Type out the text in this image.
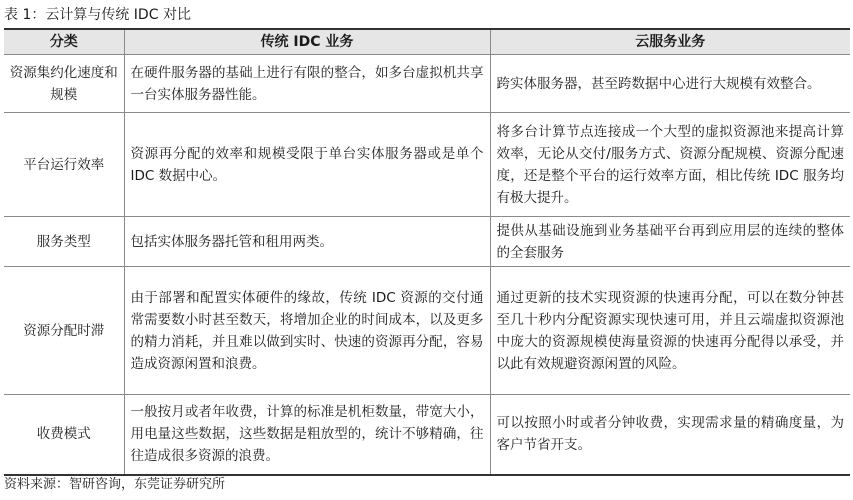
表 1：云计算与传统 IDC 对比
分类	传统 IDC 业务	云服务业务
资源集约化速度和规模	在硬件服务器的基础上进行有限的整合，如多台虚拟机共享一台实体服务器性能。	跨实体服务器，甚至跨数据中心进行大规模有效整合。
平台运行效率	资源再分配的效率和规模受限于单台实体服务器或是单个 IDC 数据中心。	将多台计算节点连接成一个大型的虚拟资源池来提高计算效率，无论从交付/服务方式、资源分配规模、资源分配速度，还是整个平台的运行效率方面，相比传统 IDC 服务均有极大提升。
服务类型	包括实体服务器托管和租用两类。	提供从基础设施到业务基础平台再到应用层的连续的整体的全套服务
资源分配时滞	由于部署和配置实体硬件的缘故，传统 IDC 资源的交付通常需要数小时甚至数天，将增加企业的时间成本，以及更多的精力消耗，并且难以做到实时、快速的资源再分配，容易造成资源闲置和浪费。	通过更新的技术实现资源的快速再分配，可以在数分钟甚至几十秒内分配资源实现快速可用，并且云端虚拟资源池中庞大的资源规模使海量资源的快速再分配得以承受，并以此有效规避资源闲置的风险。
收费模式	一般按月或者年收费，计算的标准是机柜数量，带宽大小，用电量这些数据，这些数据是粗放型的，统计不够精确，往往造成很多资源的浪费。	可以按照小时或者分钟收费，实现需求量的精确度量，为客户节省开支。
资料来源：智研咨询，东莞证券研究所
